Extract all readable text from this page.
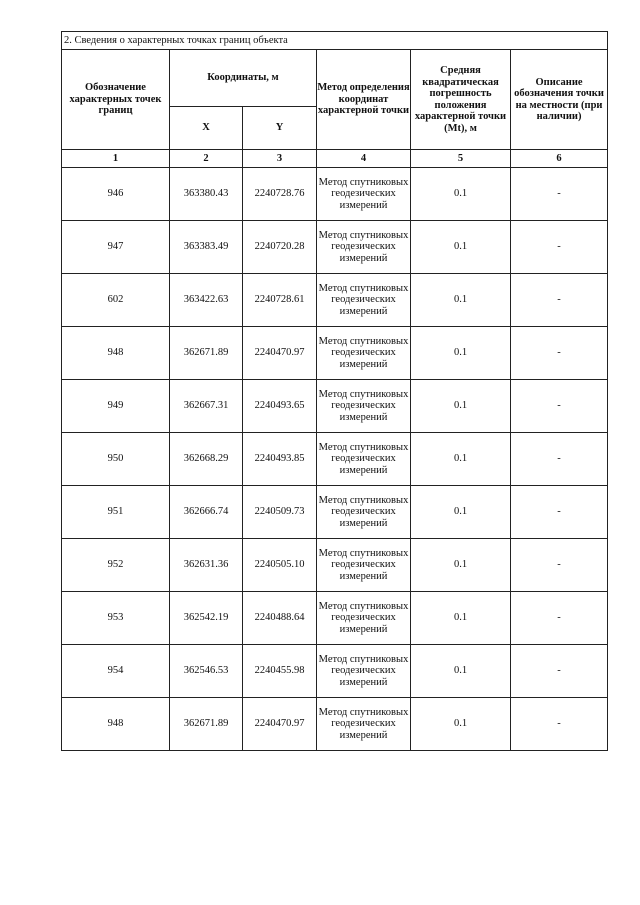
2. Сведения о характерных точках границ объекта					
Обозначение характерных точек границ	Координаты, м		Метод определения координат характерной точки	Средняя квадратическая погрешность положения характерной точки (Mt), м	Описание обозначения точки на местности (при наличии)
	X	Y			
1	2	3	4	5	6
946	363380.43	2240728.76	Метод спутниковых геодезических измерений	0.1	-
947	363383.49	2240720.28	Метод спутниковых геодезических измерений	0.1	-
602	363422.63	2240728.61	Метод спутниковых геодезических измерений	0.1	-
948	362671.89	2240470.97	Метод спутниковых геодезических измерений	0.1	-
949	362667.31	2240493.65	Метод спутниковых геодезических измерений	0.1	-
950	362668.29	2240493.85	Метод спутниковых геодезических измерений	0.1	-
951	362666.74	2240509.73	Метод спутниковых геодезических измерений	0.1	-
952	362631.36	2240505.10	Метод спутниковых геодезических измерений	0.1	-
953	362542.19	2240488.64	Метод спутниковых геодезических измерений	0.1	-
954	362546.53	2240455.98	Метод спутниковых геодезических измерений	0.1	-
948	362671.89	2240470.97	Метод спутниковых геодезических измерений	0.1	-
